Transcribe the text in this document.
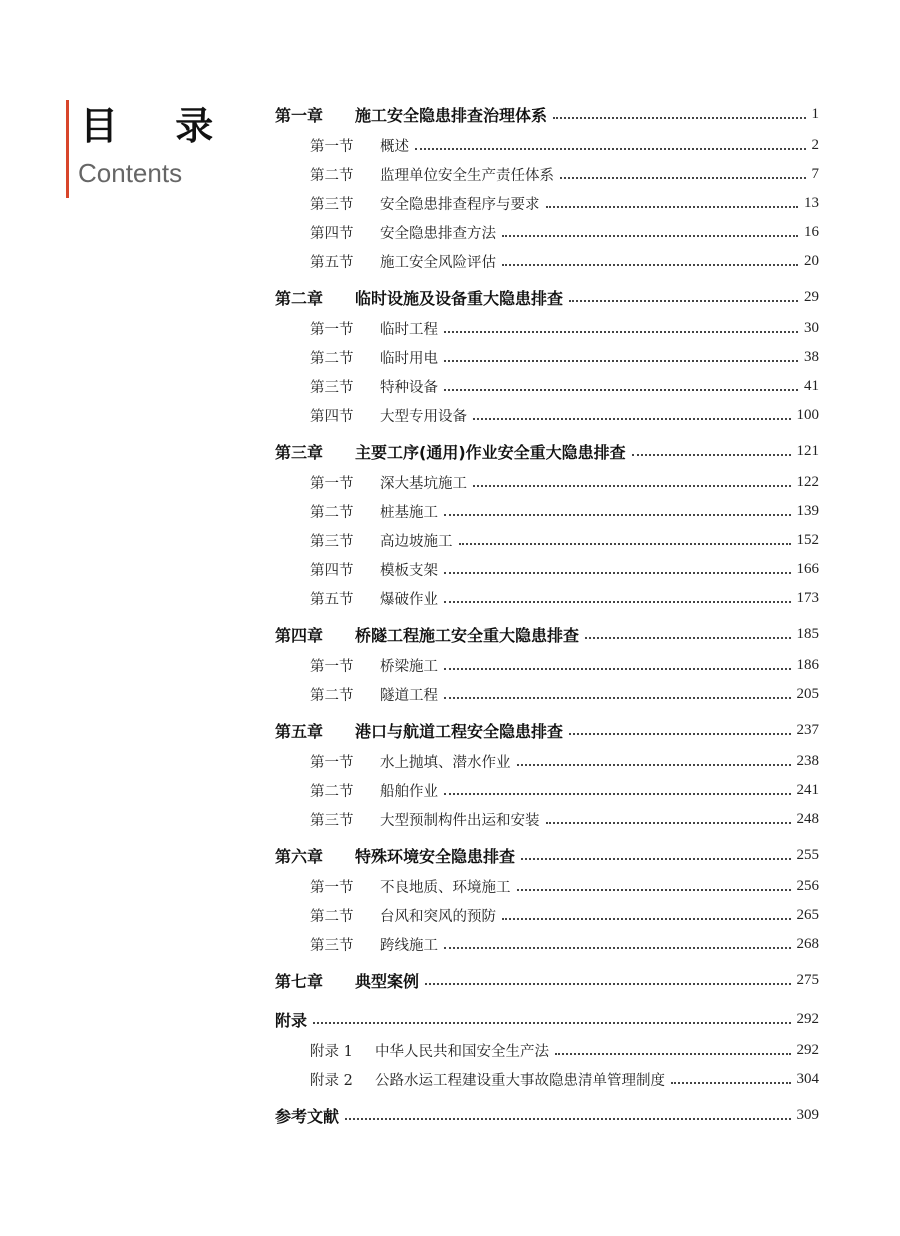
目 录
Contents
第一章	施工安全隐患排查治理体系	1
第一节	概述	2
第二节	监理单位安全生产责任体系	7
第三节	安全隐患排查程序与要求	13
第四节	安全隐患排查方法	16
第五节	施工安全风险评估	20
第二章	临时设施及设备重大隐患排查	29
第一节	临时工程	30
第二节	临时用电	38
第三节	特种设备	41
第四节	大型专用设备	100
第三章	主要工序(通用)作业安全重大隐患排查	121
第一节	深大基坑施工	122
第二节	桩基施工	139
第三节	高边坡施工	152
第四节	模板支架	166
第五节	爆破作业	173
第四章	桥隧工程施工安全重大隐患排查	185
第一节	桥梁施工	186
第二节	隧道工程	205
第五章	港口与航道工程安全隐患排查	237
第一节	水上抛填、潜水作业	238
第二节	船舶作业	241
第三节	大型预制构件出运和安装	248
第六章	特殊环境安全隐患排查	255
第一节	不良地质、环境施工	256
第二节	台风和突风的预防	265
第三节	跨线施工	268
第七章	典型案例	275
附录	292
附录 1	中华人民共和国安全生产法	292
附录 2	公路水运工程建设重大事故隐患清单管理制度	304
参考文献	309
